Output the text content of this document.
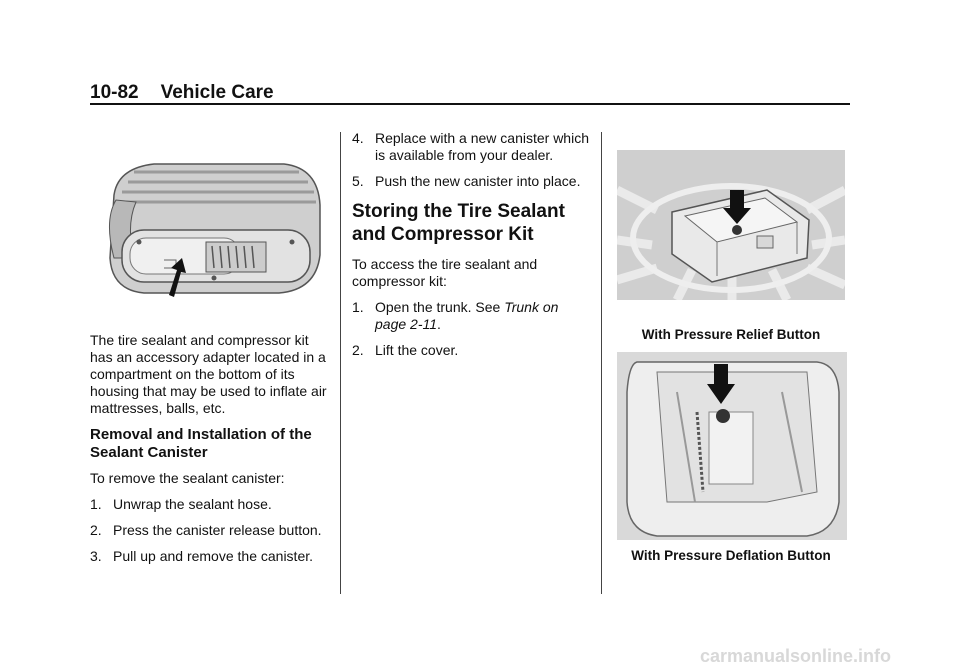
10-82 Vehicle Care

The tire sealant and compressor kit has an accessory adapter located in a compartment on the bottom of its housing that may be used to inflate air mattresses, balls, etc.

Removal and Installation of the Sealant Canister

To remove the sealant canister:

1. Unwrap the sealant hose.
2. Press the canister release button.
3. Pull up and remove the canister.
4. Replace with a new canister which is available from your dealer.
5. Push the new canister into place.
Storing the Tire Sealant and Compressor Kit

To access the tire sealant and compressor kit:

1. Open the trunk. See Trunk on page 2-11.
2. Lift the cover.
With Pressure Relief Button
With Pressure Deflation Button
carmanualsonline.info
